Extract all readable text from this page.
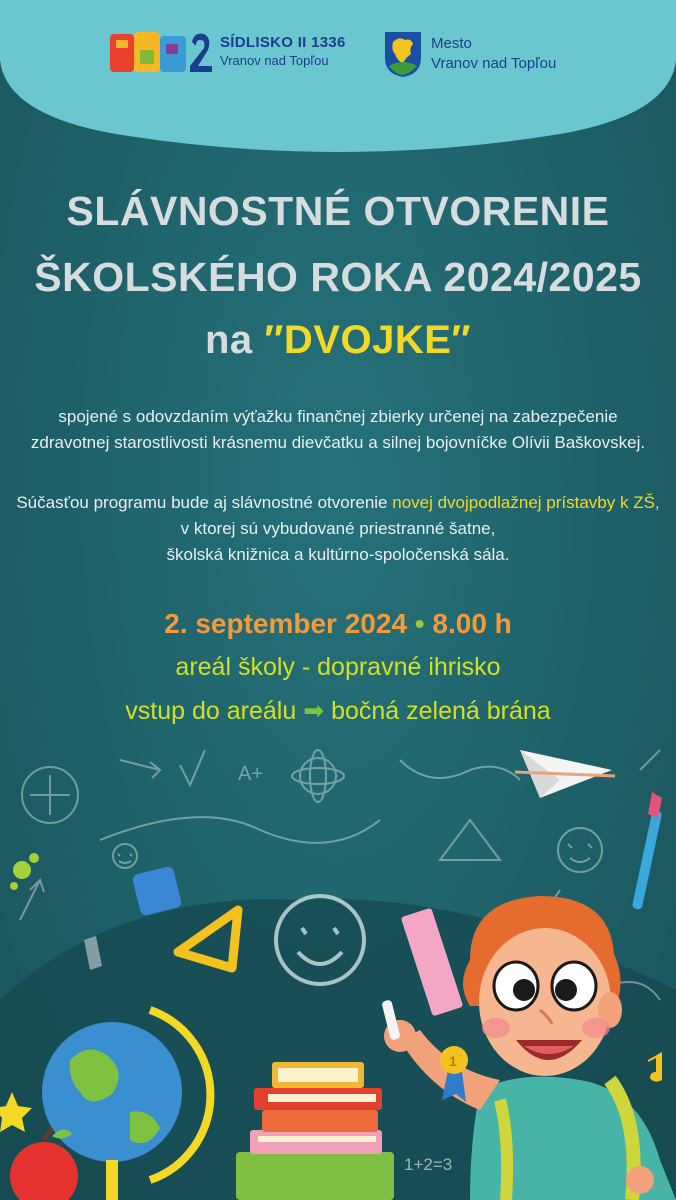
SÍDLISKO II 1336
Vranov nad Topľou
Mesto
Vranov nad Topľou
SLÁVNOSTNÉ OTVORENIE
ŠKOLSKÉHO ROKA 2024/2025
na ″DVOJKE″
spojené s odovzdaním výťažku finančnej zbierky určenej na zabezpečenie
zdravotnej starostlivosti krásnemu dievčatku a silnej bojovníčke Olívii Baškovskej.
Súčasťou programu bude aj slávnostné otvorenie novej dvojpodlažnej prístavby k ZŠ,
v ktorej sú vybudované priestranné šatne,
školská knižnica a kultúrno-spoločenská sála.
2. september 2024 • 8.00 h
areál školy - dopravné ihrisko
vstup do areálu ➡ bočná zelená brána
A+
1+2=3
1
